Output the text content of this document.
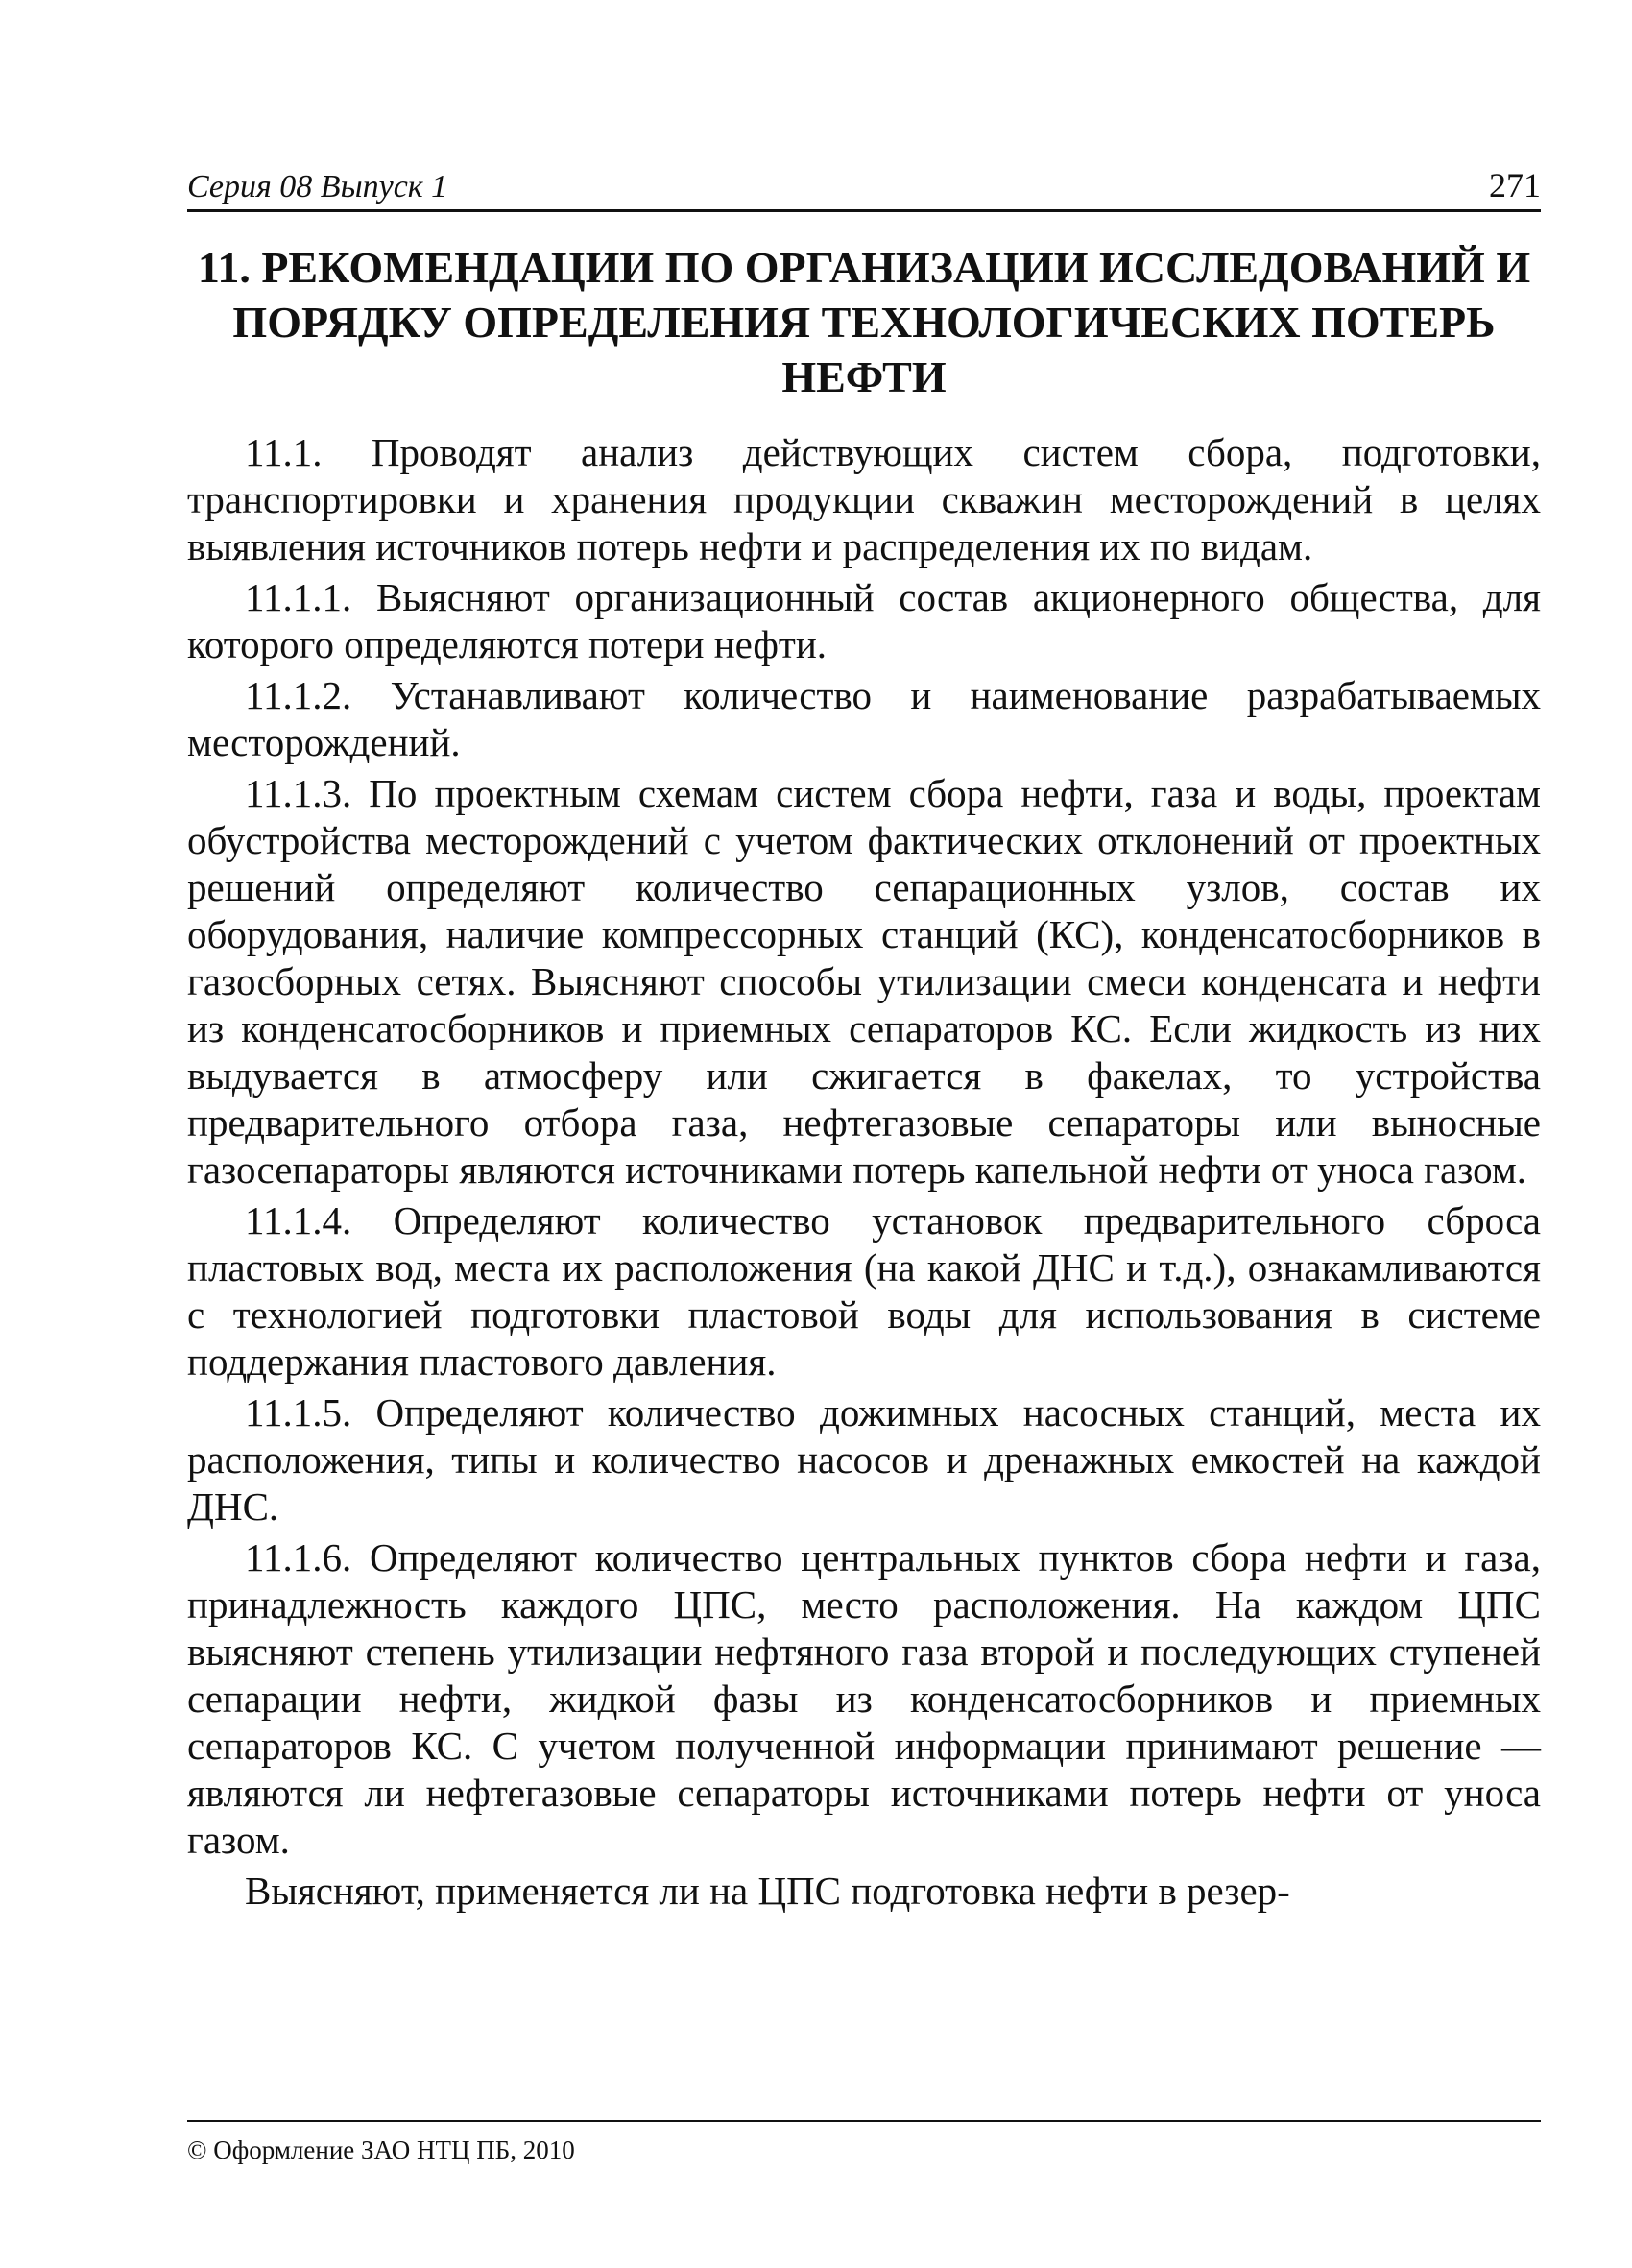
Серия 08 Выпуск 1	271
11. РЕКОМЕНДАЦИИ ПО ОРГАНИЗАЦИИ ИССЛЕДОВАНИЙ И ПОРЯДКУ ОПРЕДЕЛЕНИЯ ТЕХНОЛОГИЧЕСКИХ ПОТЕРЬ НЕФТИ

11.1. Проводят анализ действующих систем сбора, подготовки, транспортировки и хранения продукции скважин месторождений в целях выявления источников потерь нефти и распределения их по видам.

11.1.1. Выясняют организационный состав акционерного общества, для которого определяются потери нефти.

11.1.2. Устанавливают количество и наименование разрабатываемых месторождений.

11.1.3. По проектным схемам систем сбора нефти, газа и воды, проектам обустройства месторождений с учетом фактических отклонений от проектных решений определяют количество сепарационных узлов, состав их оборудования, наличие компрессорных станций (КС), конденсатосборников в газосборных сетях. Выясняют способы утилизации смеси конденсата и нефти из конденсатосборников и приемных сепараторов КС. Если жидкость из них выдувается в атмосферу или сжигается в факелах, то устройства предварительного отбора газа, нефтегазовые сепараторы или выносные газосепараторы являются источниками потерь капельной нефти от уноса газом.

11.1.4. Определяют количество установок предварительного сброса пластовых вод, места их расположения (на какой ДНС и т.д.), ознакамливаются с технологией подготовки пластовой воды для использования в системе поддержания пластового давления.

11.1.5. Определяют количество дожимных насосных станций, места их расположения, типы и количество насосов и дренажных емкостей на каждой ДНС.

11.1.6. Определяют количество центральных пунктов сбора нефти и газа, принадлежность каждого ЦПС, место расположения. На каждом ЦПС выясняют степень утилизации нефтяного газа второй и последующих ступеней сепарации нефти, жидкой фазы из конденсатосборников и приемных сепараторов КС. С учетом полученной информации принимают решение — являются ли нефтегазовые сепараторы источниками потерь нефти от уноса газом.

Выясняют, применяется ли на ЦПС подготовка нефти в резер-

© Оформление ЗАО НТЦ ПБ, 2010
